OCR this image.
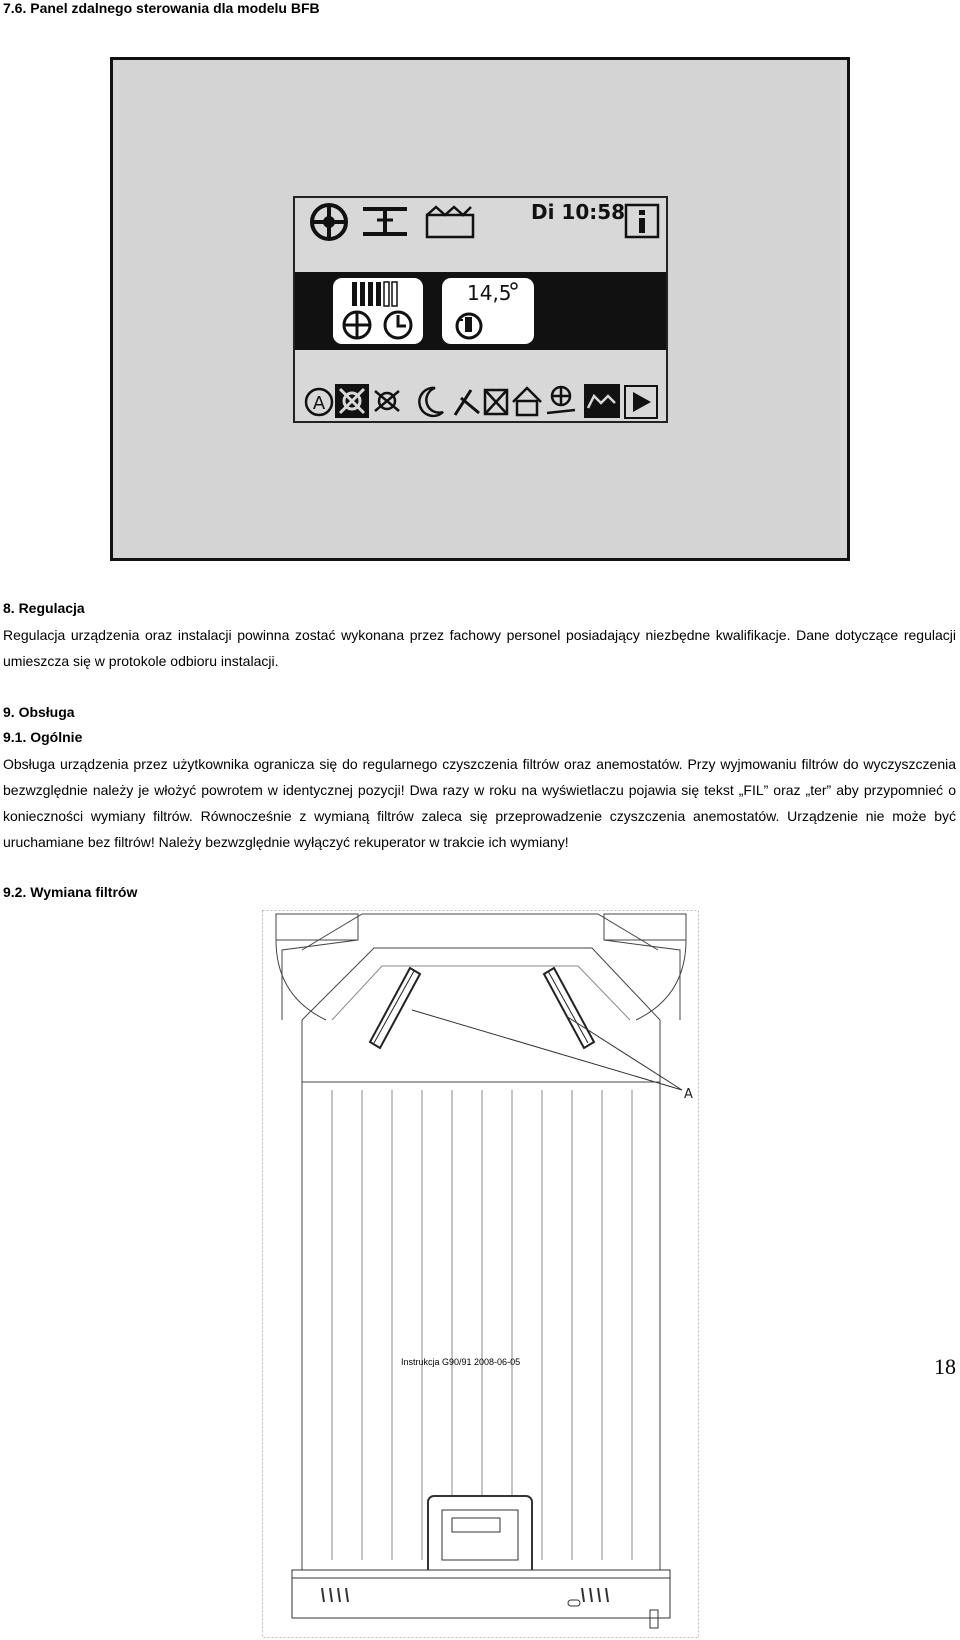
7.6. Panel zdalnego sterowania dla modelu BFB
Di 10:58
14,5
A
8. Regulacja

Regulacja urządzenia oraz instalacji powinna zostać wykonana przez fachowy personel posiadający niezbędne kwalifikacje. Dane dotyczące regulacji umieszcza się w protokole odbioru instalacji.

9. Obsługa
9.1. Ogólnie

Obsługa urządzenia przez użytkownika ogranicza się do regularnego czyszczenia filtrów oraz anemostatów. Przy wyjmowaniu filtrów do wyczyszczenia bezwzględnie należy je włożyć powrotem w identycznej pozycji! Dwa razy w roku na wyświetlaczu pojawia się tekst „FIL” oraz „ter” aby przypomnieć o konieczności wymiany filtrów. Równocześnie z wymianą filtrów zaleca się przeprowadzenie czyszczenia anemostatów. Urządzenie nie może być uruchamiane bez filtrów! Należy bezwzględnie wyłączyć rekuperator w trakcie ich wymiany!

9.2. Wymiana filtrów
A
Instrukcja G90/91 2008-06-05	18
